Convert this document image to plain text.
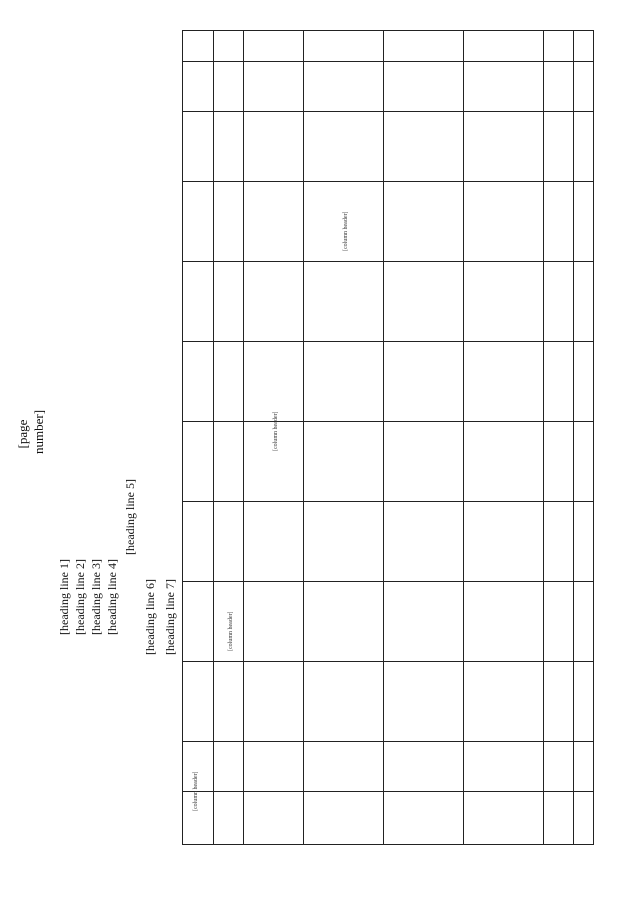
[page number]
[heading line 1] [heading line 2] [heading line 3] [heading line 4]
[heading line 5]
[heading line 6] [heading line 7]
[column header]
[column header]
[column header]
[column header]
